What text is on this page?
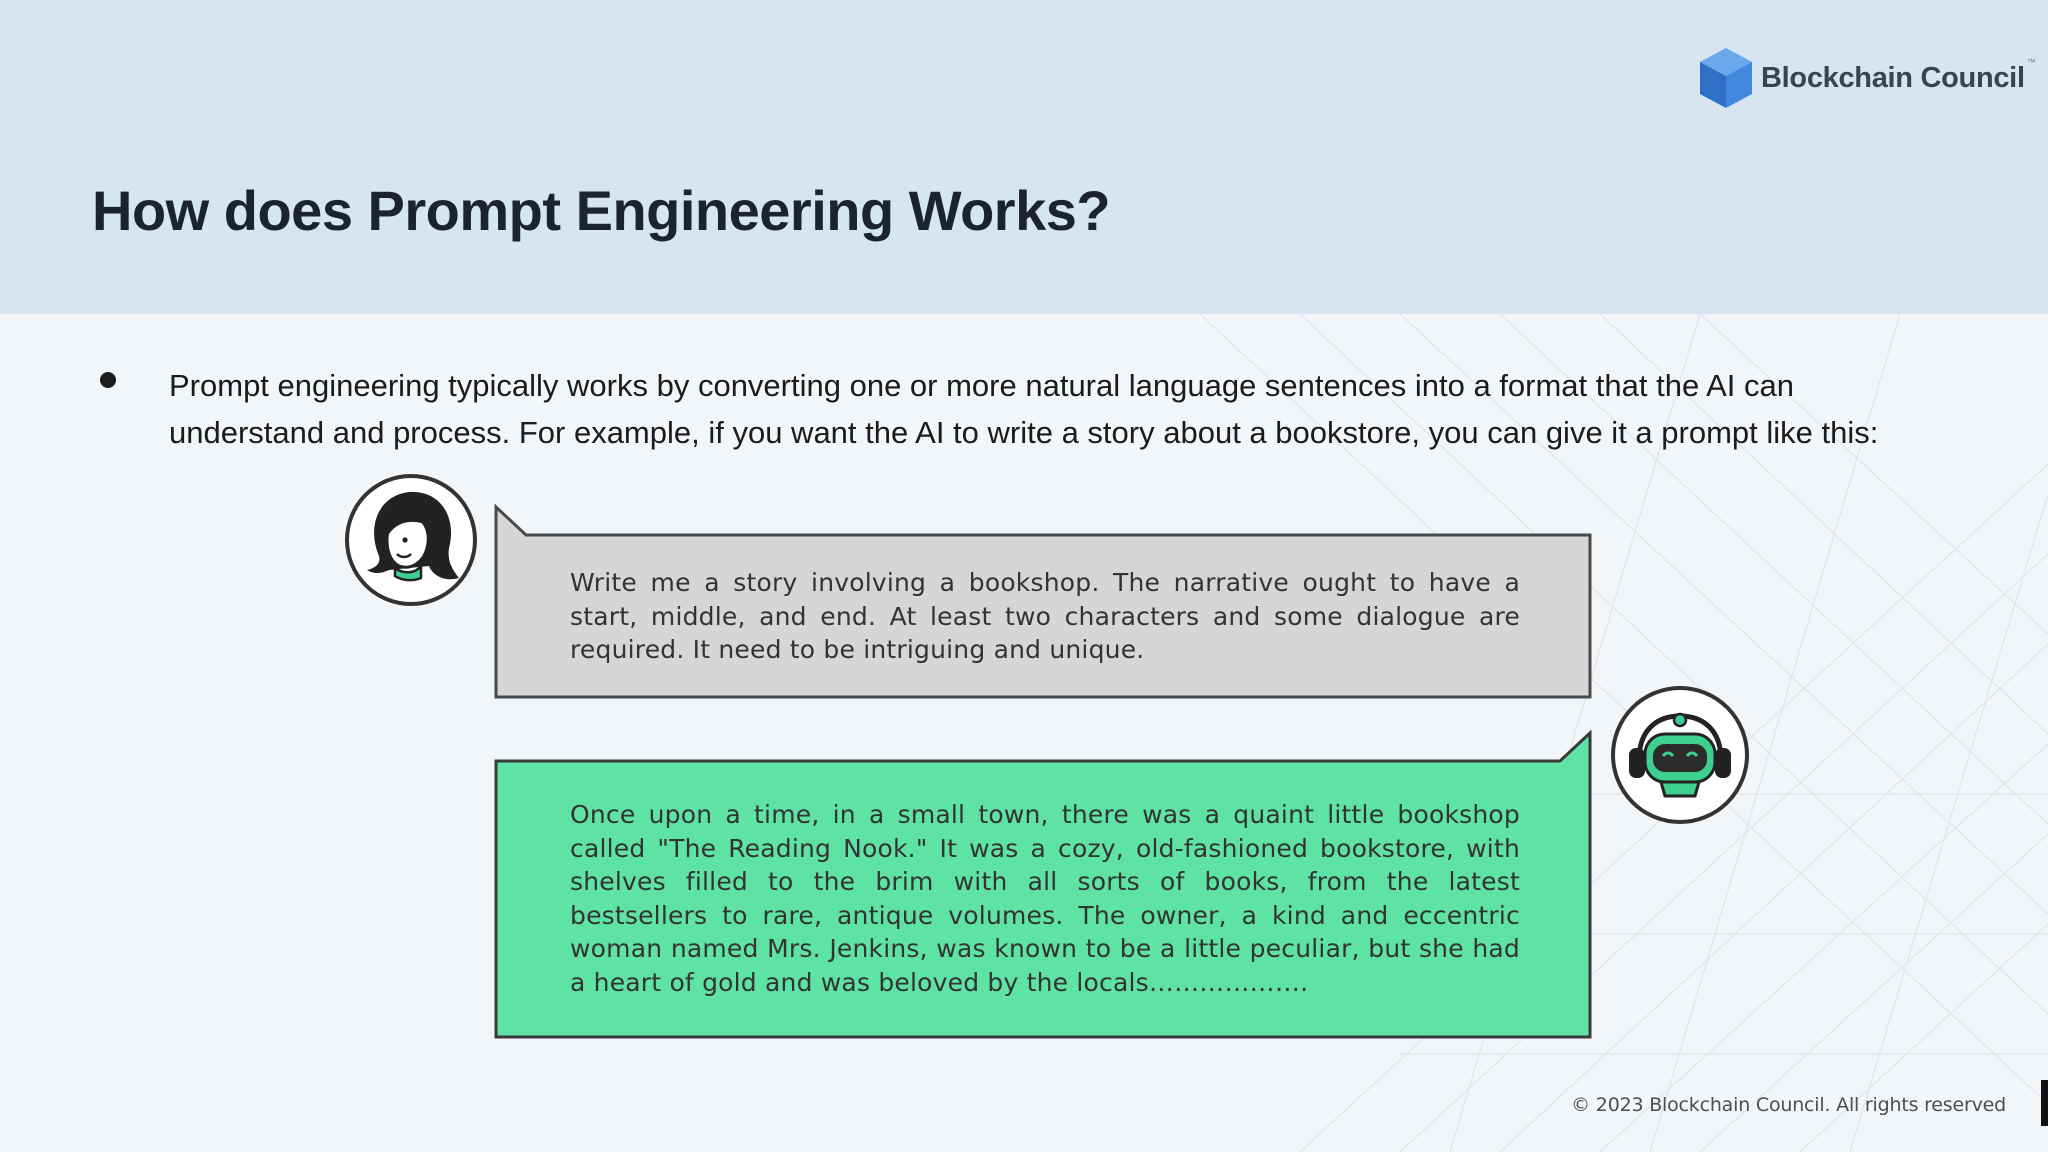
Blockchain Council ™
How does Prompt Engineering Works?

Prompt engineering typically works by converting one or more natural language sentences into a format that the AI can understand and process. For example, if you want the AI to write a story about a bookstore, you can give it a prompt like this:

Write me a story involving a bookshop. The narrative ought to have a start, middle, and end. At least two characters and some dialogue are required. It need to be intriguing and unique.

Once upon a time, in a small town, there was a quaint little bookshop called "The Reading Nook." It was a cozy, old-fashioned bookstore, with shelves filled to the brim with all sorts of books, from the latest bestsellers to rare, antique volumes. The owner, a kind and eccentric woman named Mrs. Jenkins, was known to be a little peculiar, but she had a heart of gold and was beloved by the locals……………….

© 2023 Blockchain Council. All rights reserved
